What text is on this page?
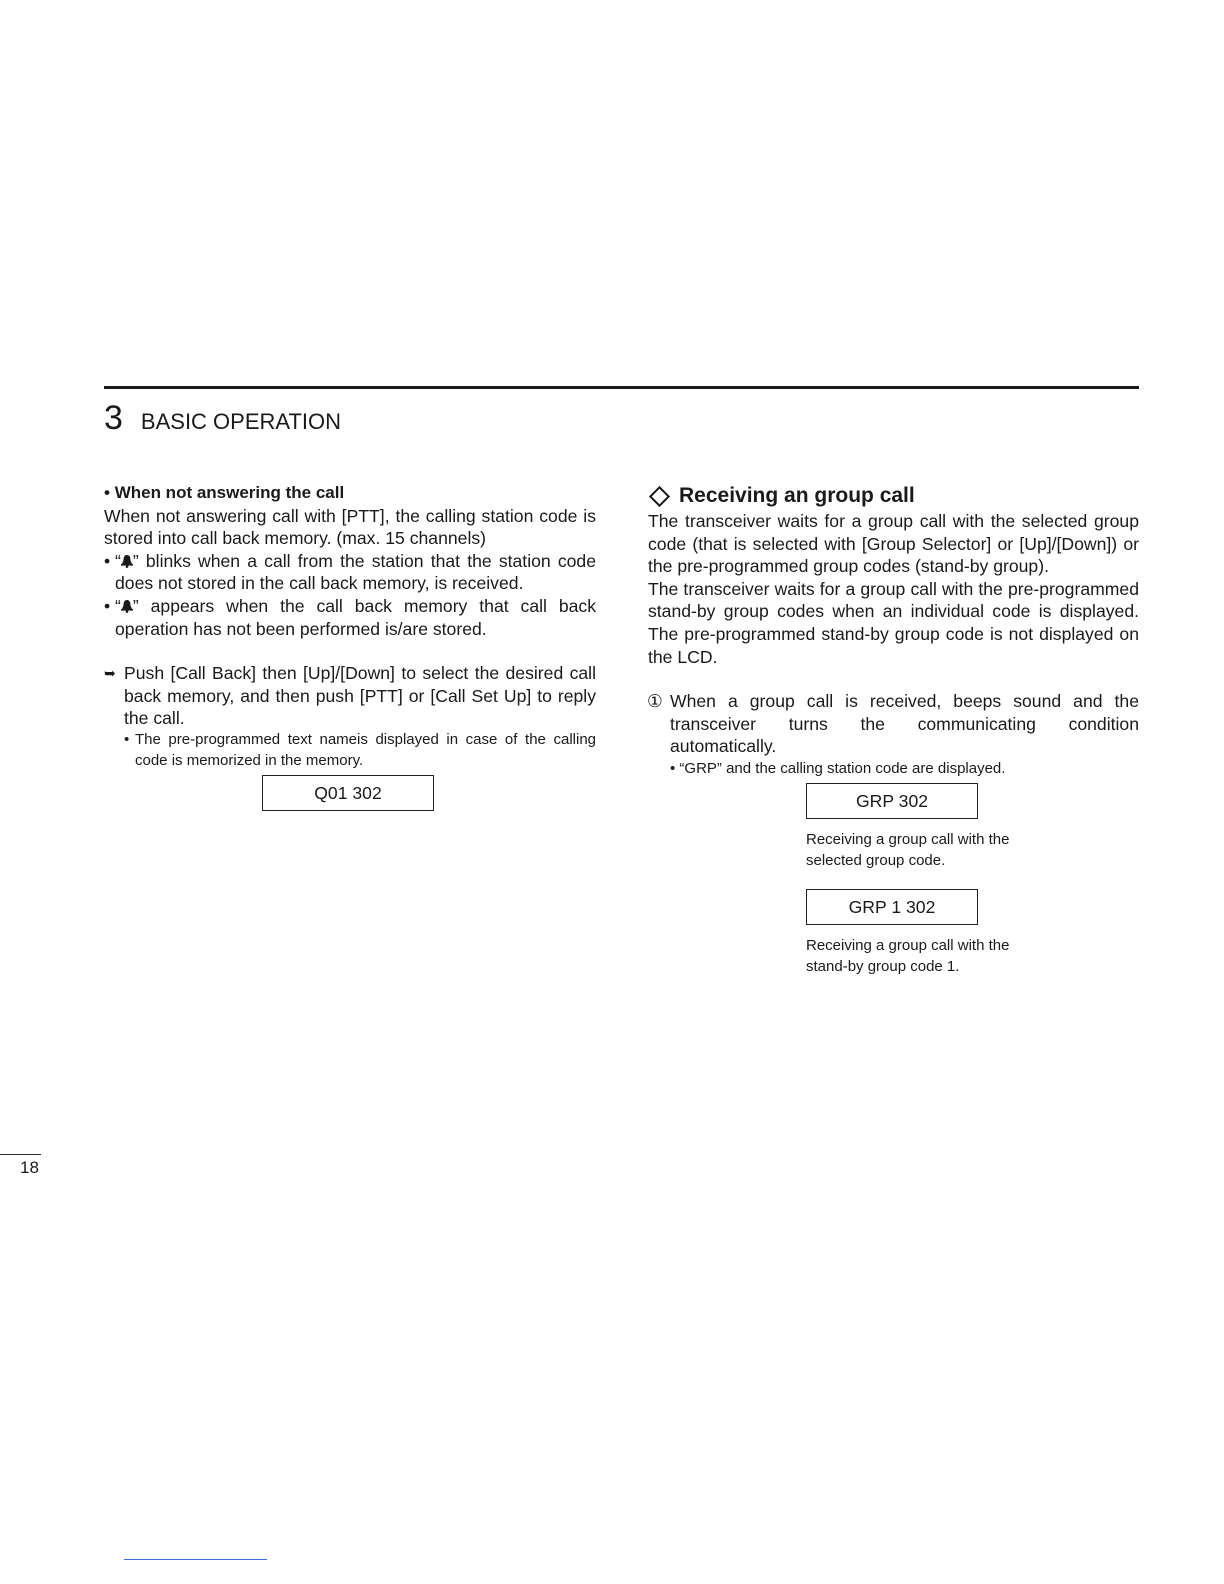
3 BASIC OPERATION
• When not answering the call
When not answering call with [PTT], the calling station code is stored into call back memory. (max. 15 channels)
• “ ” blinks when a call from the station that the station code does not stored in the call back memory, is received.
• “ ” appears when the call back memory that call back operation has not been performed is/are stored.
➥ Push [Call Back] then [Up]/[Down] to select the desired call back memory, and then push [PTT] or [Call Set Up] to reply the call.
• The pre-programmed text nameis displayed in case of the calling code is memorized in the memory.
Q01 302
Receiving an group call
The transceiver waits for a group call with the selected group code (that is selected with [Group Selector] or [Up]/[Down]) or the pre-programmed group codes (stand-by group).
The transceiver waits for a group call with the pre-programmed stand-by group codes when an individual code is displayed. The pre-programmed stand-by group code is not displayed on the LCD.
① When a group call is received, beeps sound and the transceiver turns the communicating condition automatically.
• “GRP” and the calling station code are displayed.
GRP 302
Receiving a group call with the selected group code.
GRP 1 302
Receiving a group call with the stand-by group code 1.
18
